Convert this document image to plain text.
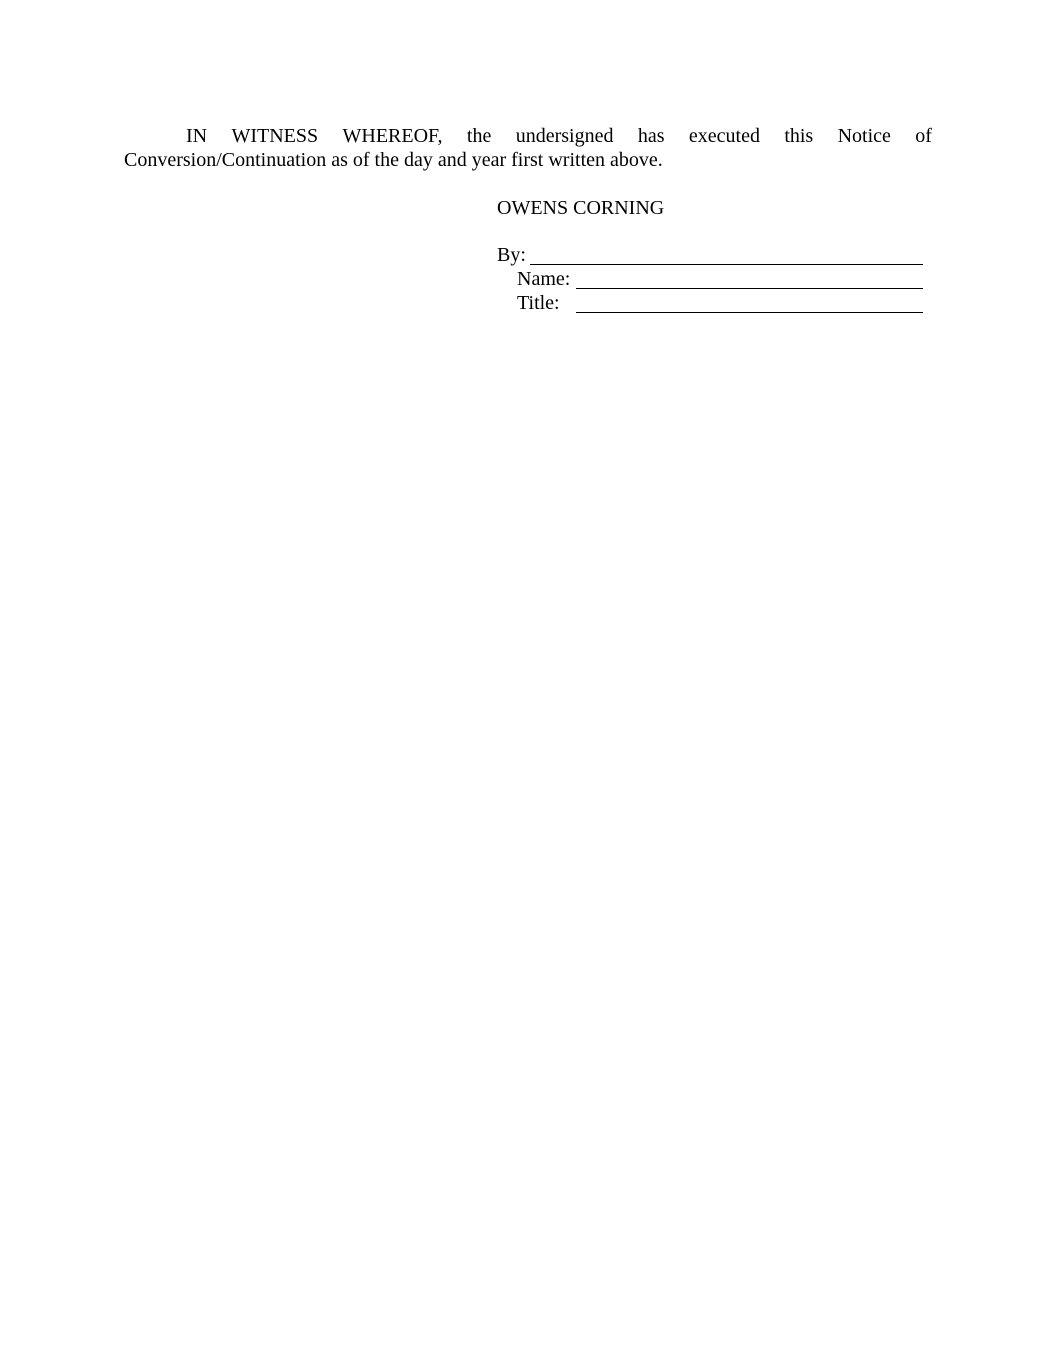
IN WITNESS WHEREOF, the undersigned has executed this Notice of
Conversion/Continuation as of the day and year first written above.
OWENS CORNING
By:
Name:
Title:
